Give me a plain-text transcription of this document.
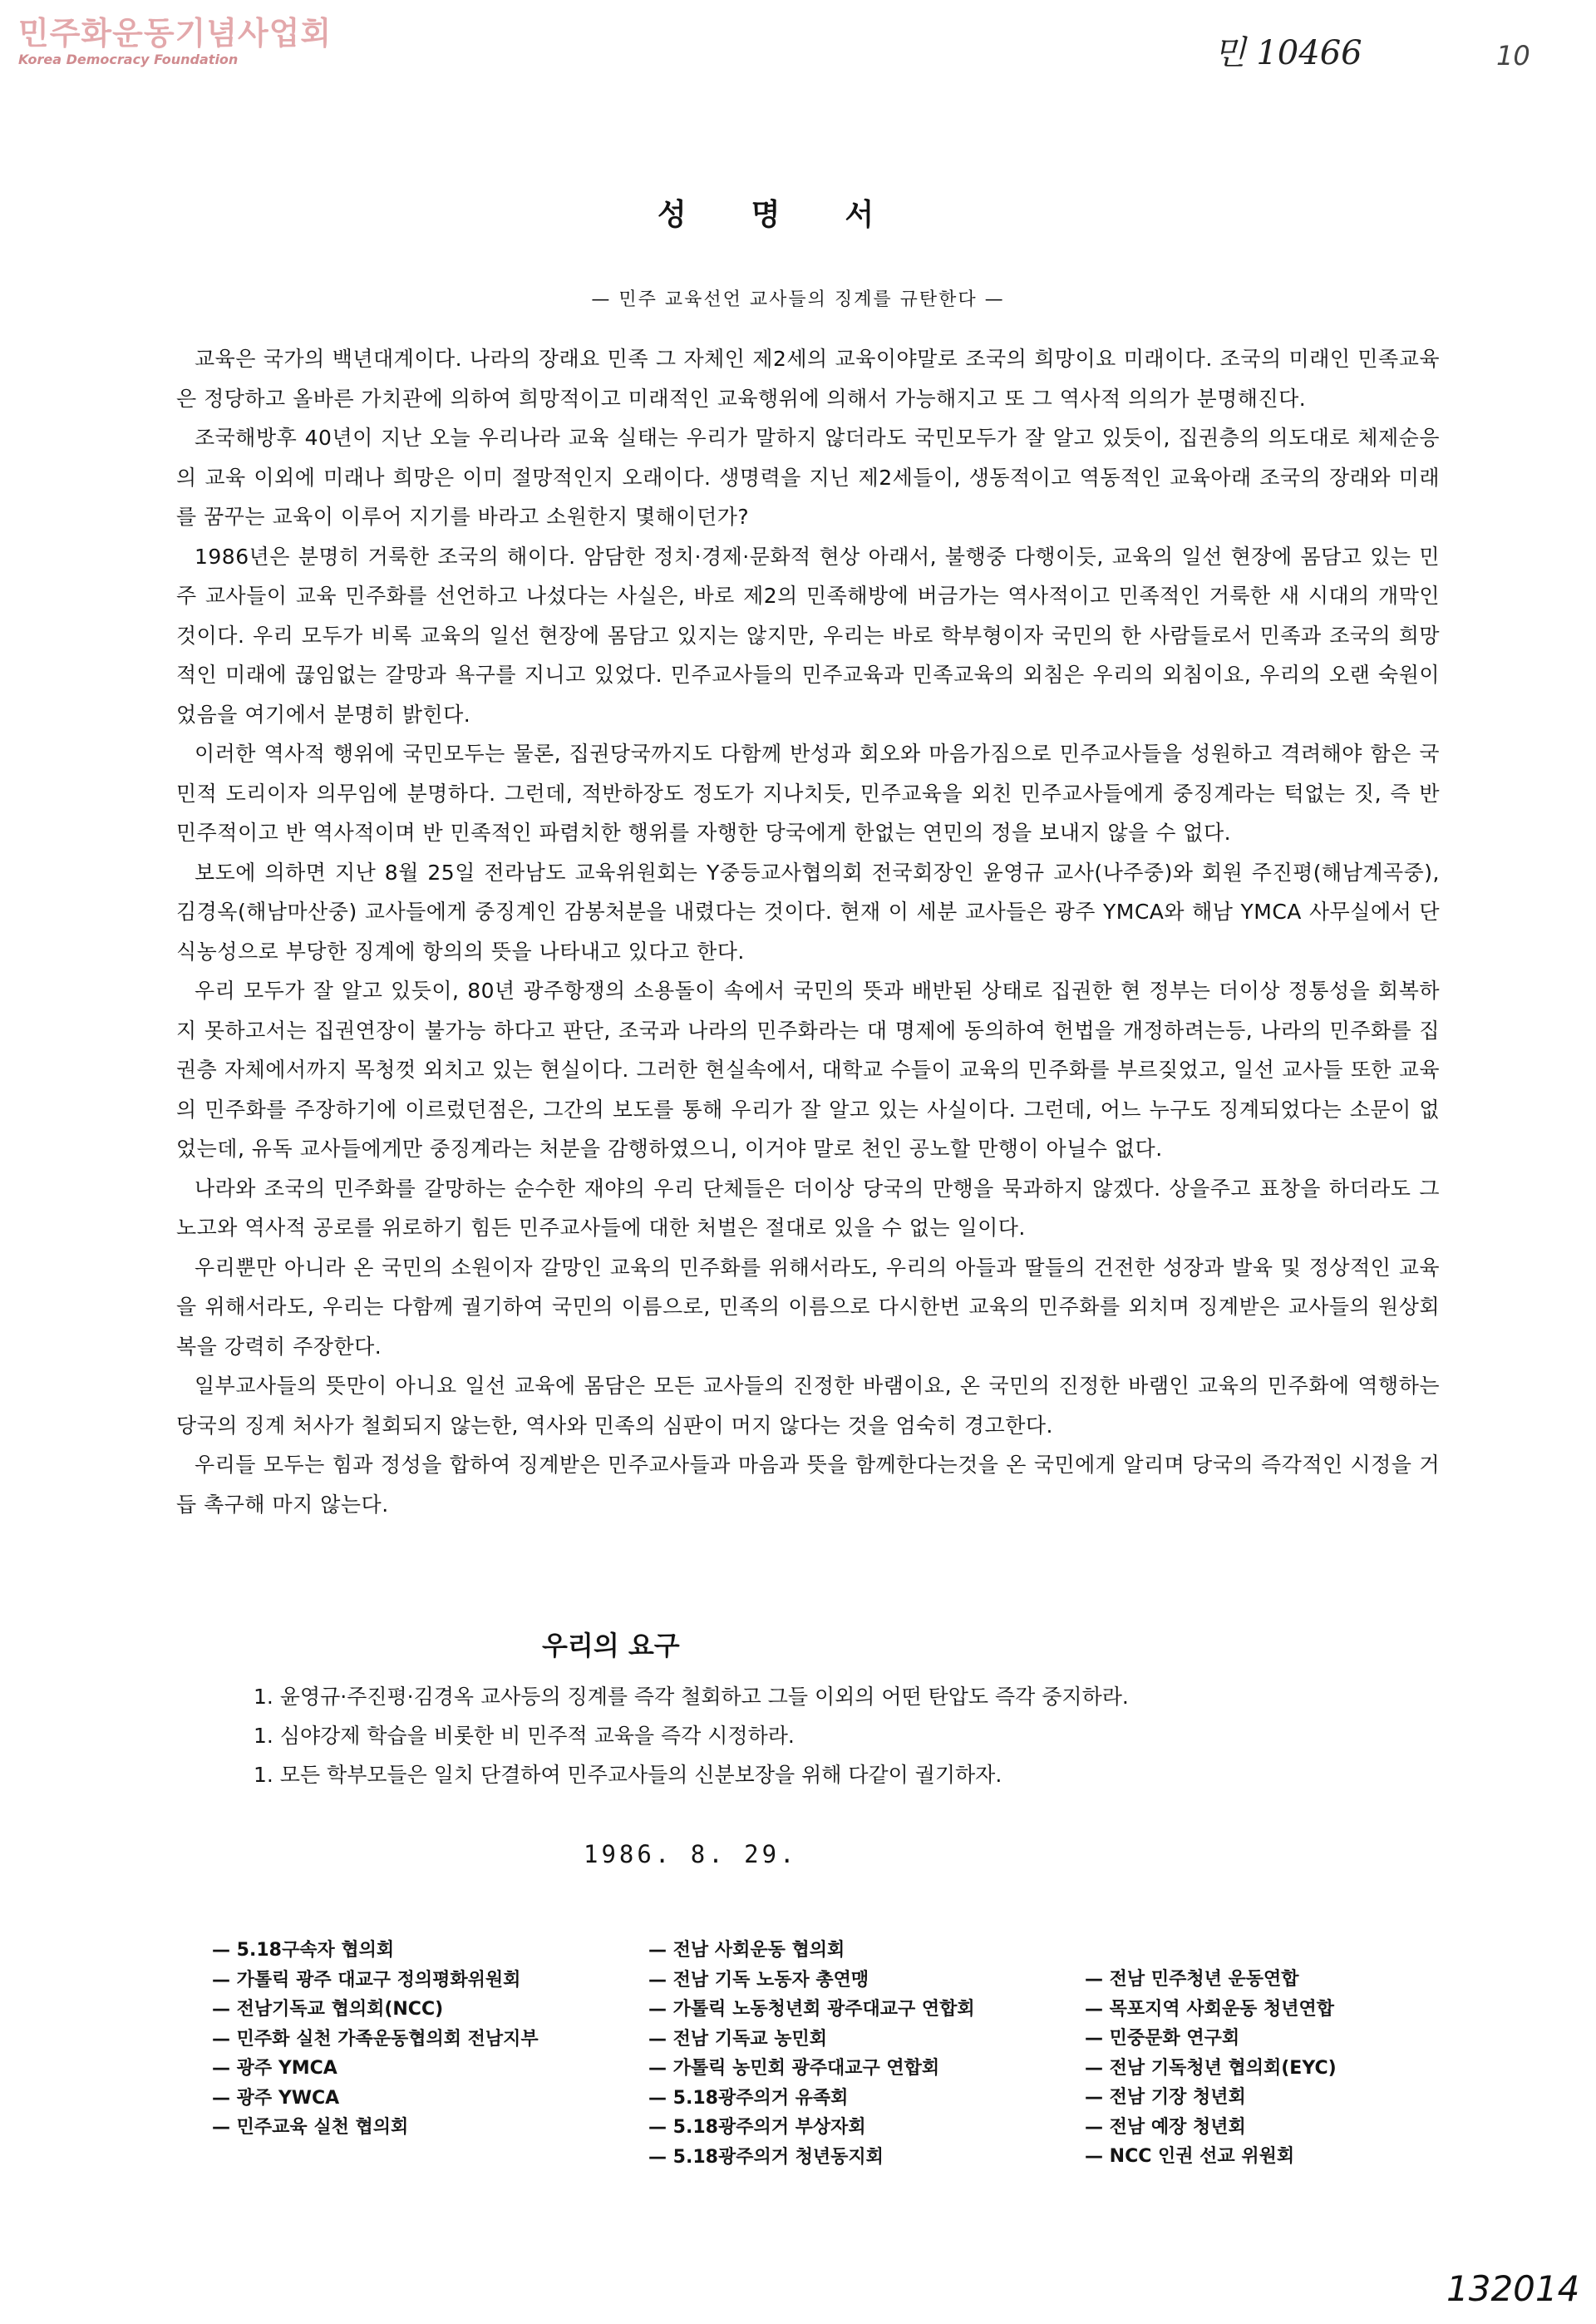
민주화운동기념사업회
Korea Democracy Foundation	민 10466	10
성명서
— 민주 교육선언 교사들의 징계를 규탄한다 —
교육은 국가의 백년대계이다. 나라의 장래요 민족 그 자체인 제2세의 교육이야말로 조국의 희망이요 미래이다. 조국의 미래인 민족교육은 정당하고 올바른 가치관에 의하여 희망적이고 미래적인 교육행위에 의해서 가능해지고 또 그 역사적 의의가 분명해진다.
조국해방후 40년이 지난 오늘 우리나라 교육 실태는 우리가 말하지 않더라도 국민모두가 잘 알고 있듯이, 집권층의 의도대로 체제순응의 교육 이외에 미래나 희망은 이미 절망적인지 오래이다. 생명력을 지닌 제2세들이, 생동적이고 역동적인 교육아래 조국의 장래와 미래를 꿈꾸는 교육이 이루어 지기를 바라고 소원한지 몇해이던가?
1986년은 분명히 거룩한 조국의 해이다. 암담한 정치·경제·문화적 현상 아래서, 불행중 다행이듯, 교육의 일선 현장에 몸담고 있는 민주 교사들이 교육 민주화를 선언하고 나섰다는 사실은, 바로 제2의 민족해방에 버금가는 역사적이고 민족적인 거룩한 새 시대의 개막인 것이다. 우리 모두가 비록 교육의 일선 현장에 몸담고 있지는 않지만, 우리는 바로 학부형이자 국민의 한 사람들로서 민족과 조국의 희망적인 미래에 끊임없는 갈망과 욕구를 지니고 있었다. 민주교사들의 민주교육과 민족교육의 외침은 우리의 외침이요, 우리의 오랜 숙원이었음을 여기에서 분명히 밝힌다.
이러한 역사적 행위에 국민모두는 물론, 집권당국까지도 다함께 반성과 회오와 마음가짐으로 민주교사들을 성원하고 격려해야 함은 국민적 도리이자 의무임에 분명하다. 그런데, 적반하장도 정도가 지나치듯, 민주교육을 외친 민주교사들에게 중징계라는 턱없는 짓, 즉 반 민주적이고 반 역사적이며 반 민족적인 파렴치한 행위를 자행한 당국에게 한없는 연민의 정을 보내지 않을 수 없다.
보도에 의하면 지난 8월 25일 전라남도 교육위원회는 Y중등교사협의회 전국회장인 윤영규 교사(나주중)와 회원 주진평(해남계곡중), 김경옥(해남마산중) 교사들에게 중징계인 감봉처분을 내렸다는 것이다. 현재 이 세분 교사들은 광주 YMCA와 해남 YMCA 사무실에서 단식농성으로 부당한 징계에 항의의 뜻을 나타내고 있다고 한다.
우리 모두가 잘 알고 있듯이, 80년 광주항쟁의 소용돌이 속에서 국민의 뜻과 배반된 상태로 집권한 현 정부는 더이상 정통성을 회복하지 못하고서는 집권연장이 불가능 하다고 판단, 조국과 나라의 민주화라는 대 명제에 동의하여 헌법을 개정하려는등, 나라의 민주화를 집권층 자체에서까지 목청껏 외치고 있는 현실이다. 그러한 현실속에서, 대학교 수들이 교육의 민주화를 부르짖었고, 일선 교사들 또한 교육의 민주화를 주장하기에 이르렀던점은, 그간의 보도를 통해 우리가 잘 알고 있는 사실이다. 그런데, 어느 누구도 징계되었다는 소문이 없었는데, 유독 교사들에게만 중징계라는 처분을 감행하였으니, 이거야 말로 천인 공노할 만행이 아닐수 없다.
나라와 조국의 민주화를 갈망하는 순수한 재야의 우리 단체들은 더이상 당국의 만행을 묵과하지 않겠다. 상을주고 표창을 하더라도 그 노고와 역사적 공로를 위로하기 힘든 민주교사들에 대한 처벌은 절대로 있을 수 없는 일이다.
우리뿐만 아니라 온 국민의 소원이자 갈망인 교육의 민주화를 위해서라도, 우리의 아들과 딸들의 건전한 성장과 발육 및 정상적인 교육을 위해서라도, 우리는 다함께 궐기하여 국민의 이름으로, 민족의 이름으로 다시한번 교육의 민주화를 외치며 징계받은 교사들의 원상회복을 강력히 주장한다.
일부교사들의 뜻만이 아니요 일선 교육에 몸담은 모든 교사들의 진정한 바램이요, 온 국민의 진정한 바램인 교육의 민주화에 역행하는 당국의 징계 처사가 철회되지 않는한, 역사와 민족의 심판이 머지 않다는 것을 엄숙히 경고한다.
우리들 모두는 힘과 정성을 합하여 징계받은 민주교사들과 마음과 뜻을 함께한다는것을 온 국민에게 알리며 당국의 즉각적인 시정을 거듭 촉구해 마지 않는다.
우리의 요구
1. 윤영규·주진평·김경옥 교사등의 징계를 즉각 철회하고 그들 이외의 어떤 탄압도 즉각 중지하라.
1. 심야강제 학습을 비롯한 비 민주적 교육을 즉각 시정하라.
1. 모든 학부모들은 일치 단결하여 민주교사들의 신분보장을 위해 다같이 궐기하자.
1986. 8. 29.
— 5.18구속자 협의회
— 가톨릭 광주 대교구 정의평화위원회
— 전남기독교 협의회(NCC)
— 민주화 실천 가족운동협의회 전남지부
— 광주 YMCA
— 광주 YWCA
— 민주교육 실천 협의회
— 전남 사회운동 협의회
— 전남 기독 노동자 총연맹
— 가톨릭 노동청년회 광주대교구 연합회
— 전남 기독교 농민회
— 가톨릭 농민회 광주대교구 연합회
— 5.18광주의거 유족회
— 5.18광주의거 부상자회
— 5.18광주의거 청년동지회
— 전남 민주청년 운동연합
— 목포지역 사회운동 청년연합
— 민중문화 연구회
— 전남 기독청년 협의회(EYC)
— 전남 기장 청년회
— 전남 예장 청년회
— NCC 인권 선교 위원회
132014
